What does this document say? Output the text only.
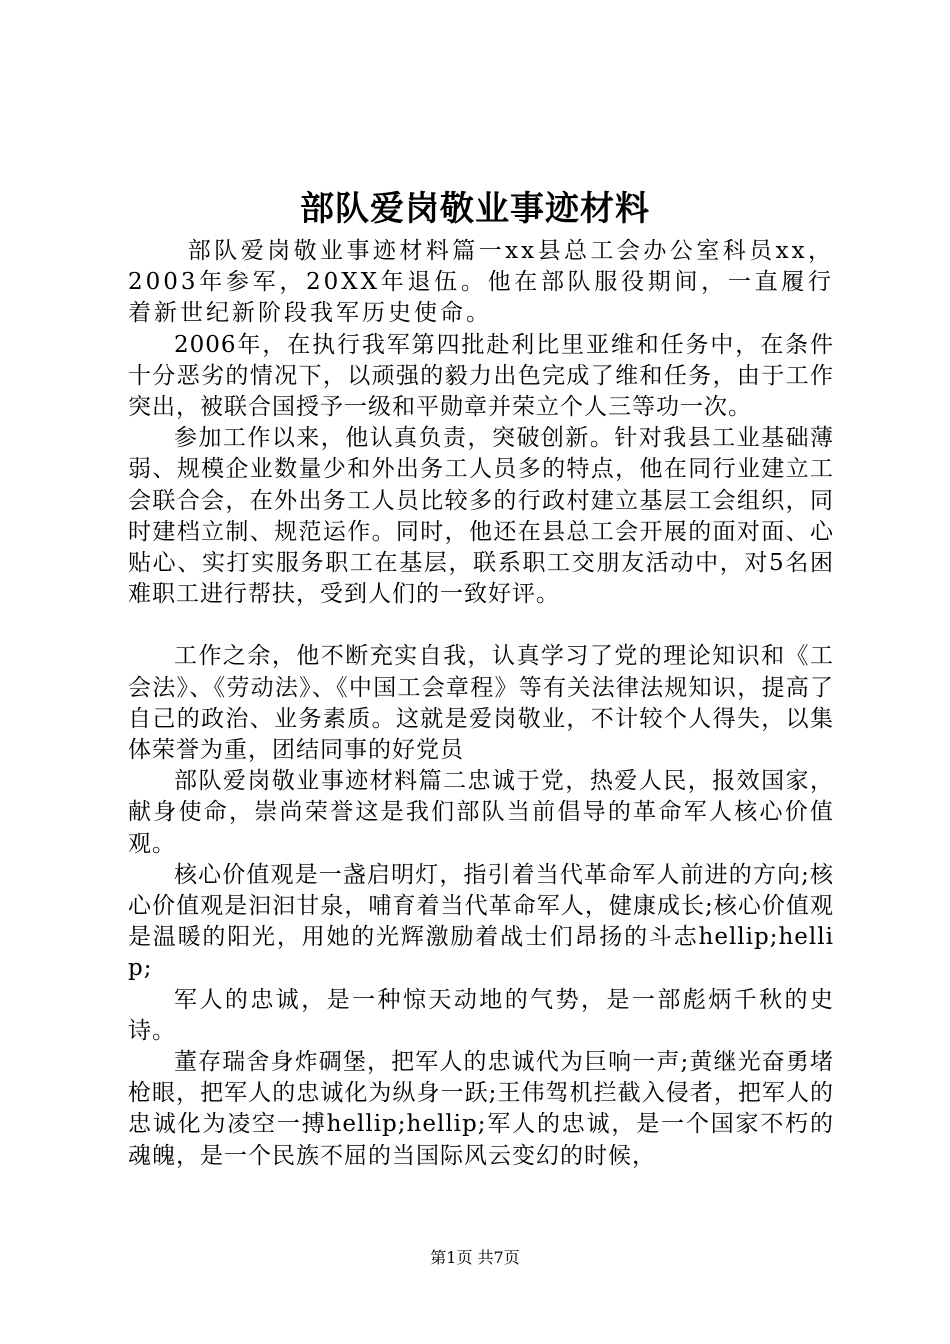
部队爱岗敬业事迹材料

部队爱岗敬业事迹材料篇一xx县总工会办公室科员xx，2003年参军，20XX年退伍。他在部队服役期间，一直履行着新世纪新阶段我军历史使命。

2006年，在执行我军第四批赴利比里亚维和任务中，在条件十分恶劣的情况下，以顽强的毅力出色完成了维和任务，由于工作突出，被联合国授予一级和平勋章并荣立个人三等功一次。

参加工作以来，他认真负责，突破创新。针对我县工业基础薄弱、规模企业数量少和外出务工人员多的特点，他在同行业建立工会联合会，在外出务工人员比较多的行政村建立基层工会组织，同时建档立制、规范运作。同时，他还在县总工会开展的面对面、心贴心、实打实服务职工在基层，联系职工交朋友活动中，对5名困难职工进行帮扶，受到人们的一致好评。

工作之余，他不断充实自我，认真学习了党的理论知识和《工会法》、《劳动法》、《中国工会章程》等有关法律法规知识，提高了自己的政治、业务素质。这就是爱岗敬业，不计较个人得失，以集体荣誉为重，团结同事的好党员

部队爱岗敬业事迹材料篇二忠诚于党，热爱人民，报效国家，献身使命，崇尚荣誉这是我们部队当前倡导的革命军人核心价值观。

核心价值观是一盏启明灯，指引着当代革命军人前进的方向;核心价值观是汩汩甘泉，哺育着当代革命军人，健康成长;核心价值观是温暖的阳光，用她的光辉激励着战士们昂扬的斗志hellip;hellip;

军人的忠诚，是一种惊天动地的气势，是一部彪炳千秋的史诗。

董存瑞舍身炸碉堡，把军人的忠诚代为巨响一声;黄继光奋勇堵枪眼，把军人的忠诚化为纵身一跃;王伟驾机拦截入侵者，把军人的忠诚化为凌空一搏hellip;hellip;军人的忠诚，是一个国家不朽的魂魄，是一个民族不屈的当国际风云变幻的时候，

第1页 共7页
